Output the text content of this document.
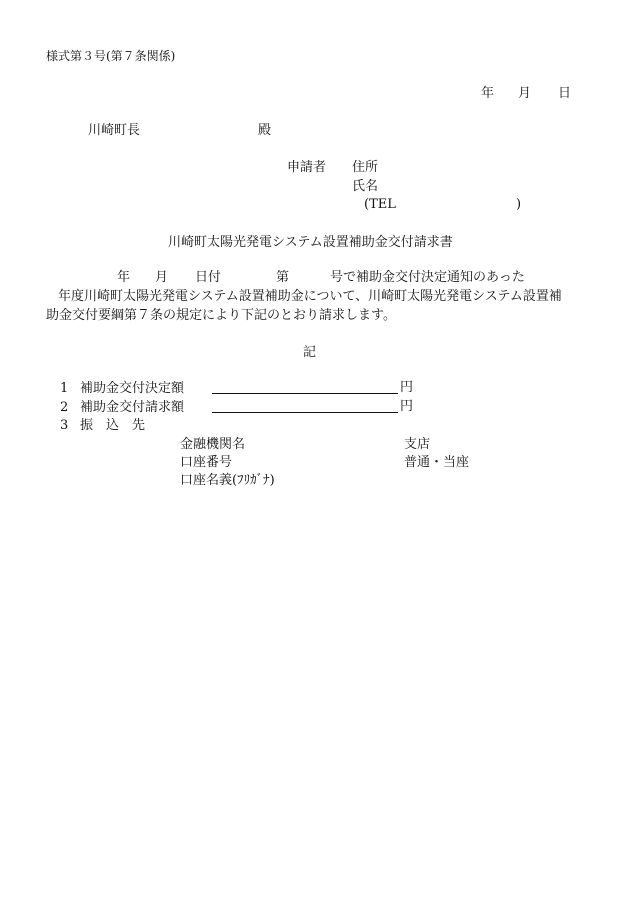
様式第３号(第７条関係)
年 月 日
川崎町長	殿
申請者 住所
氏名
(TEL	)
川崎町太陽光発電システム設置補助金交付請求書
年 月 日付	第	号で補助金交付決定通知のあった
年度川崎町太陽光発電システム設置補助金について、川崎町太陽光発電システム設置補
助金交付要綱第７条の規定により下記のとおり請求します。
記
1 補助金交付決定額	円
2 補助金交付請求額	円
3 振　込　先
金融機関名	支店
口座番号	普通・当座
口座名義(ﾌﾘｶﾞﾅ)
